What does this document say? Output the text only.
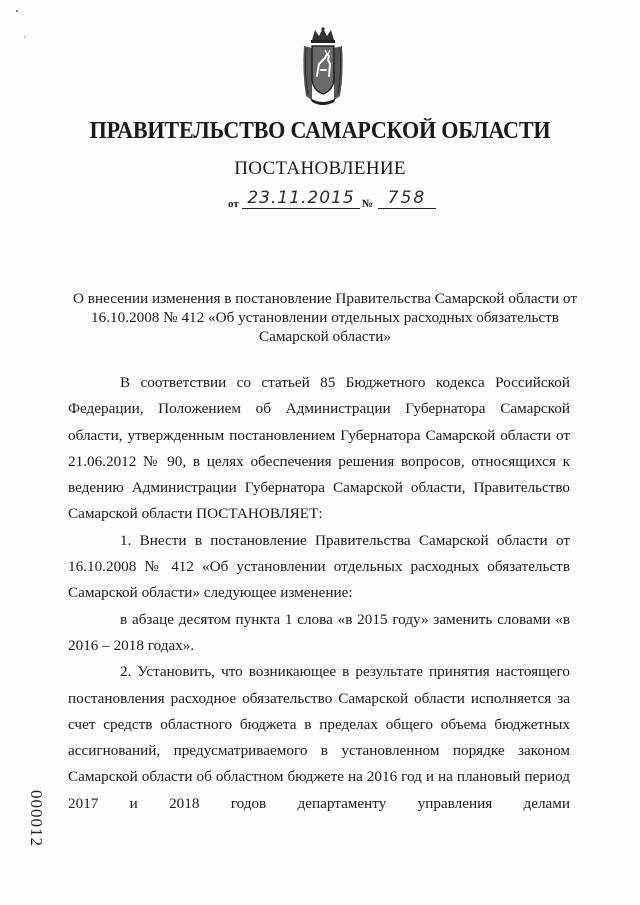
ПРАВИТЕЛЬСТВО САМАРСКОЙ ОБЛАСТИ
ПОСТАНОВЛЕНИЕ
от 23.11.2015 № 758
О внесении изменения в постановление Правительства Самарской области от 16.10.2008 № 412 «Об установлении отдельных расходных обязательств Самарской области»

В соответствии со статьей 85 Бюджетного кодекса Российской Федерации, Положением об Администрации Губернатора Самарской области, утвержденным постановлением Губернатора Самарской области от 21.06.2012 № 90, в целях обеспечения решения вопросов, относящихся к ведению Администрации Губернатора Самарской области, Правительство Самарской области ПОСТАНОВЛЯЕТ:

1. Внести в постановление Правительства Самарской области от 16.10.2008 № 412 «Об установлении отдельных расходных обязательств Самарской области» следующее изменение:

в абзаце десятом пункта 1 слова «в 2015 году» заменить словами «в 2016 – 2018 годах».

2. Установить, что возникающее в результате принятия настоящего постановления расходное обязательство Самарской области исполняется за счет средств областного бюджета в пределах общего объема бюджетных ассигнований, предусматриваемого в установленном порядке законом Самарской области об областном бюджете на 2016 год и на плановый период 2017 и 2018 годов департаменту управления делами

000012
